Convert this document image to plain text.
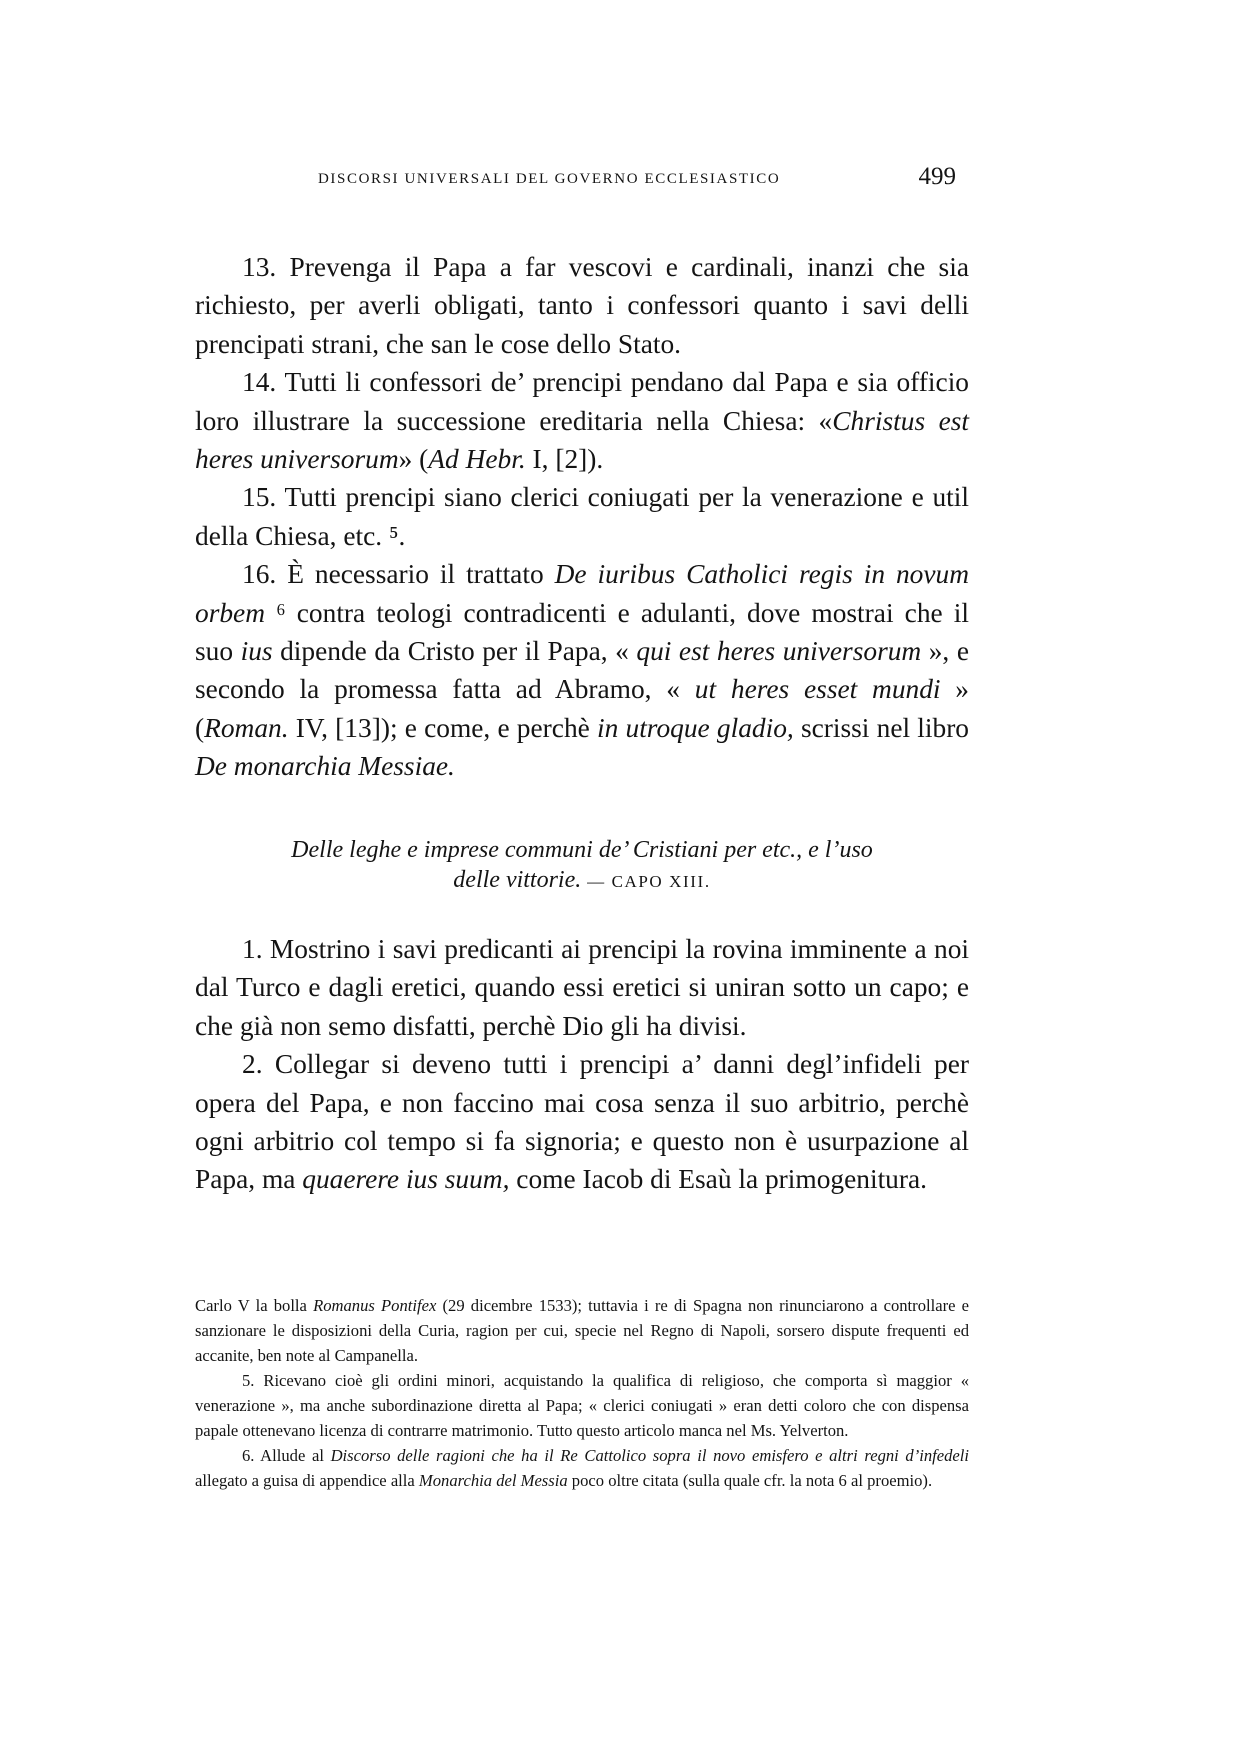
DISCORSI UNIVERSALI DEL GOVERNO ECCLESIASTICO	499

13. Prevenga il Papa a far vescovi e cardinali, inanzi che sia richiesto, per averli obligati, tanto i confessori quanto i savi delli prencipati strani, che san le cose dello Stato.

14. Tutti li confessori de’ prencipi pendano dal Papa e sia officio loro illustrare la successione ereditaria nella Chiesa: «Christus est heres universorum» (Ad Hebr. I, [2]).

15. Tutti prencipi siano clerici coniugati per la venerazione e util della Chiesa, etc. ⁵.

16. È necessario il trattato De iuribus Catholici regis in novum orbem ⁶ contra teologi contradicenti e adulanti, dove mostrai che il suo ius dipende da Cristo per il Papa, « qui est heres universorum », e secondo la promessa fatta ad Abramo, « ut heres esset mundi » (Roman. IV, [13]); e come, e perchè in utroque gladio, scrissi nel libro De monarchia Messiae.

Delle leghe e imprese communi de’ Cristiani per etc., e l’uso
delle vittorie. — CAPO XIII.

1. Mostrino i savi predicanti ai prencipi la rovina imminente a noi dal Turco e dagli eretici, quando essi eretici si uniran sotto un capo; e che già non semo disfatti, perchè Dio gli ha divisi.

2. Collegar si deveno tutti i prencipi a’ danni degl’infideli per opera del Papa, e non faccino mai cosa senza il suo arbitrio, perchè ogni arbitrio col tempo si fa signoria; e questo non è usurpazione al Papa, ma quaerere ius suum, come Iacob di Esaù la primogenitura.

Carlo V la bolla Romanus Pontifex (29 dicembre 1533); tuttavia i re di Spagna non rinunciarono a controllare e sanzionare le disposizioni della Curia, ragion per cui, specie nel Regno di Napoli, sorsero dispute frequenti ed accanite, ben note al Campanella.

5. Ricevano cioè gli ordini minori, acquistando la qualifica di religioso, che comporta sì maggior « venerazione », ma anche subordinazione diretta al Papa; « clerici coniugati » eran detti coloro che con dispensa papale ottenevano licenza di contrarre matrimonio. Tutto questo articolo manca nel Ms. Yelverton.

6. Allude al Discorso delle ragioni che ha il Re Cattolico sopra il novo emisfero e altri regni d’infedeli allegato a guisa di appendice alla Monarchia del Messia poco oltre citata (sulla quale cfr. la nota 6 al proemio).
